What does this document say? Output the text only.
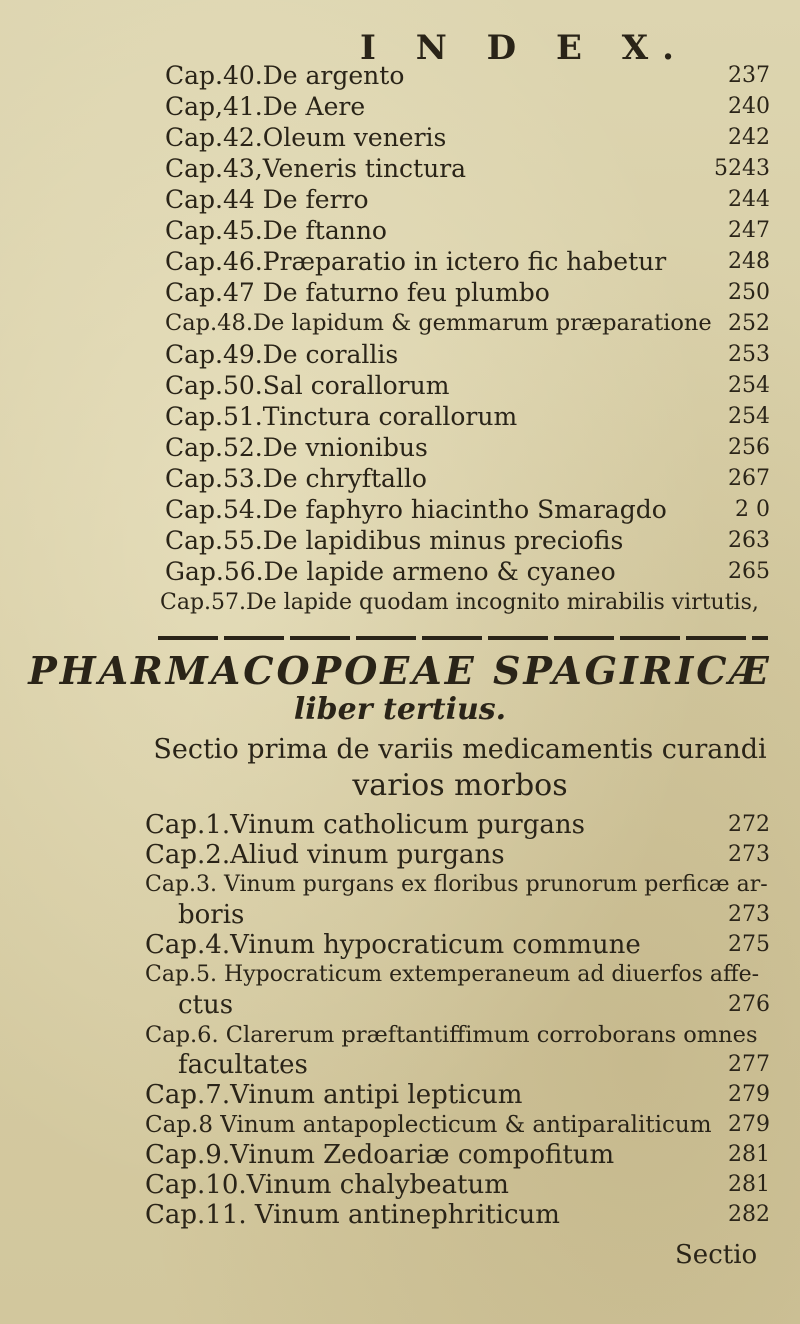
I N D E X.
Cap.40.De argento	237
Cap,41.De Aere	240
Cap.42.Oleum veneris	242
Cap.43,Veneris tinctura	5243
Cap.44 De ferro	244
Cap.45.De ftanno	247
Cap.46.Præparatio in ictero fic habetur	248
Cap.47 De faturno feu plumbo	250
Cap.48.De lapidum & gemmarum præparatione 252
Cap.49.De corallis	253
Cap.50.Sal corallorum	254
Cap.51.Tinctura corallorum	254
Cap.52.De vnionibus	256
Cap.53.De chryftallo	267
Cap.54.De faphyro hiacintho Smaragdo	2 0
Cap.55.De lapidibus minus preciofis	263
Gap.56.De lapide armeno & cyaneo	265
Cap.57.De lapide quodam incognito mirabilis virtutis,
PHARMACOPOEAE SPAGIRICÆ
liber tertius.
Sectio prima de variis medicamentis curandi
varios morbos
Cap.1.Vinum catholicum purgans	272
Cap.2.Aliud vinum purgans	273
Cap.3. Vinum purgans ex floribus prunorum perficæ ar-
boris	273
Cap.4.Vinum hypocraticum commune	275
Cap.5. Hypocraticum extemperaneum ad diuerfos affe-
ctus	276
Cap.6. Clarerum præftantiffimum corroborans omnes
facultates	277
Cap.7.Vinum antipi lepticum	279
Cap.8 Vinum antapoplecticum & antiparaliticum 279
Cap.9.Vinum Zedoariæ compofitum	281
Cap.10.Vinum chalybeatum	281
Cap.11. Vinum antinephriticum	282
Sectio
